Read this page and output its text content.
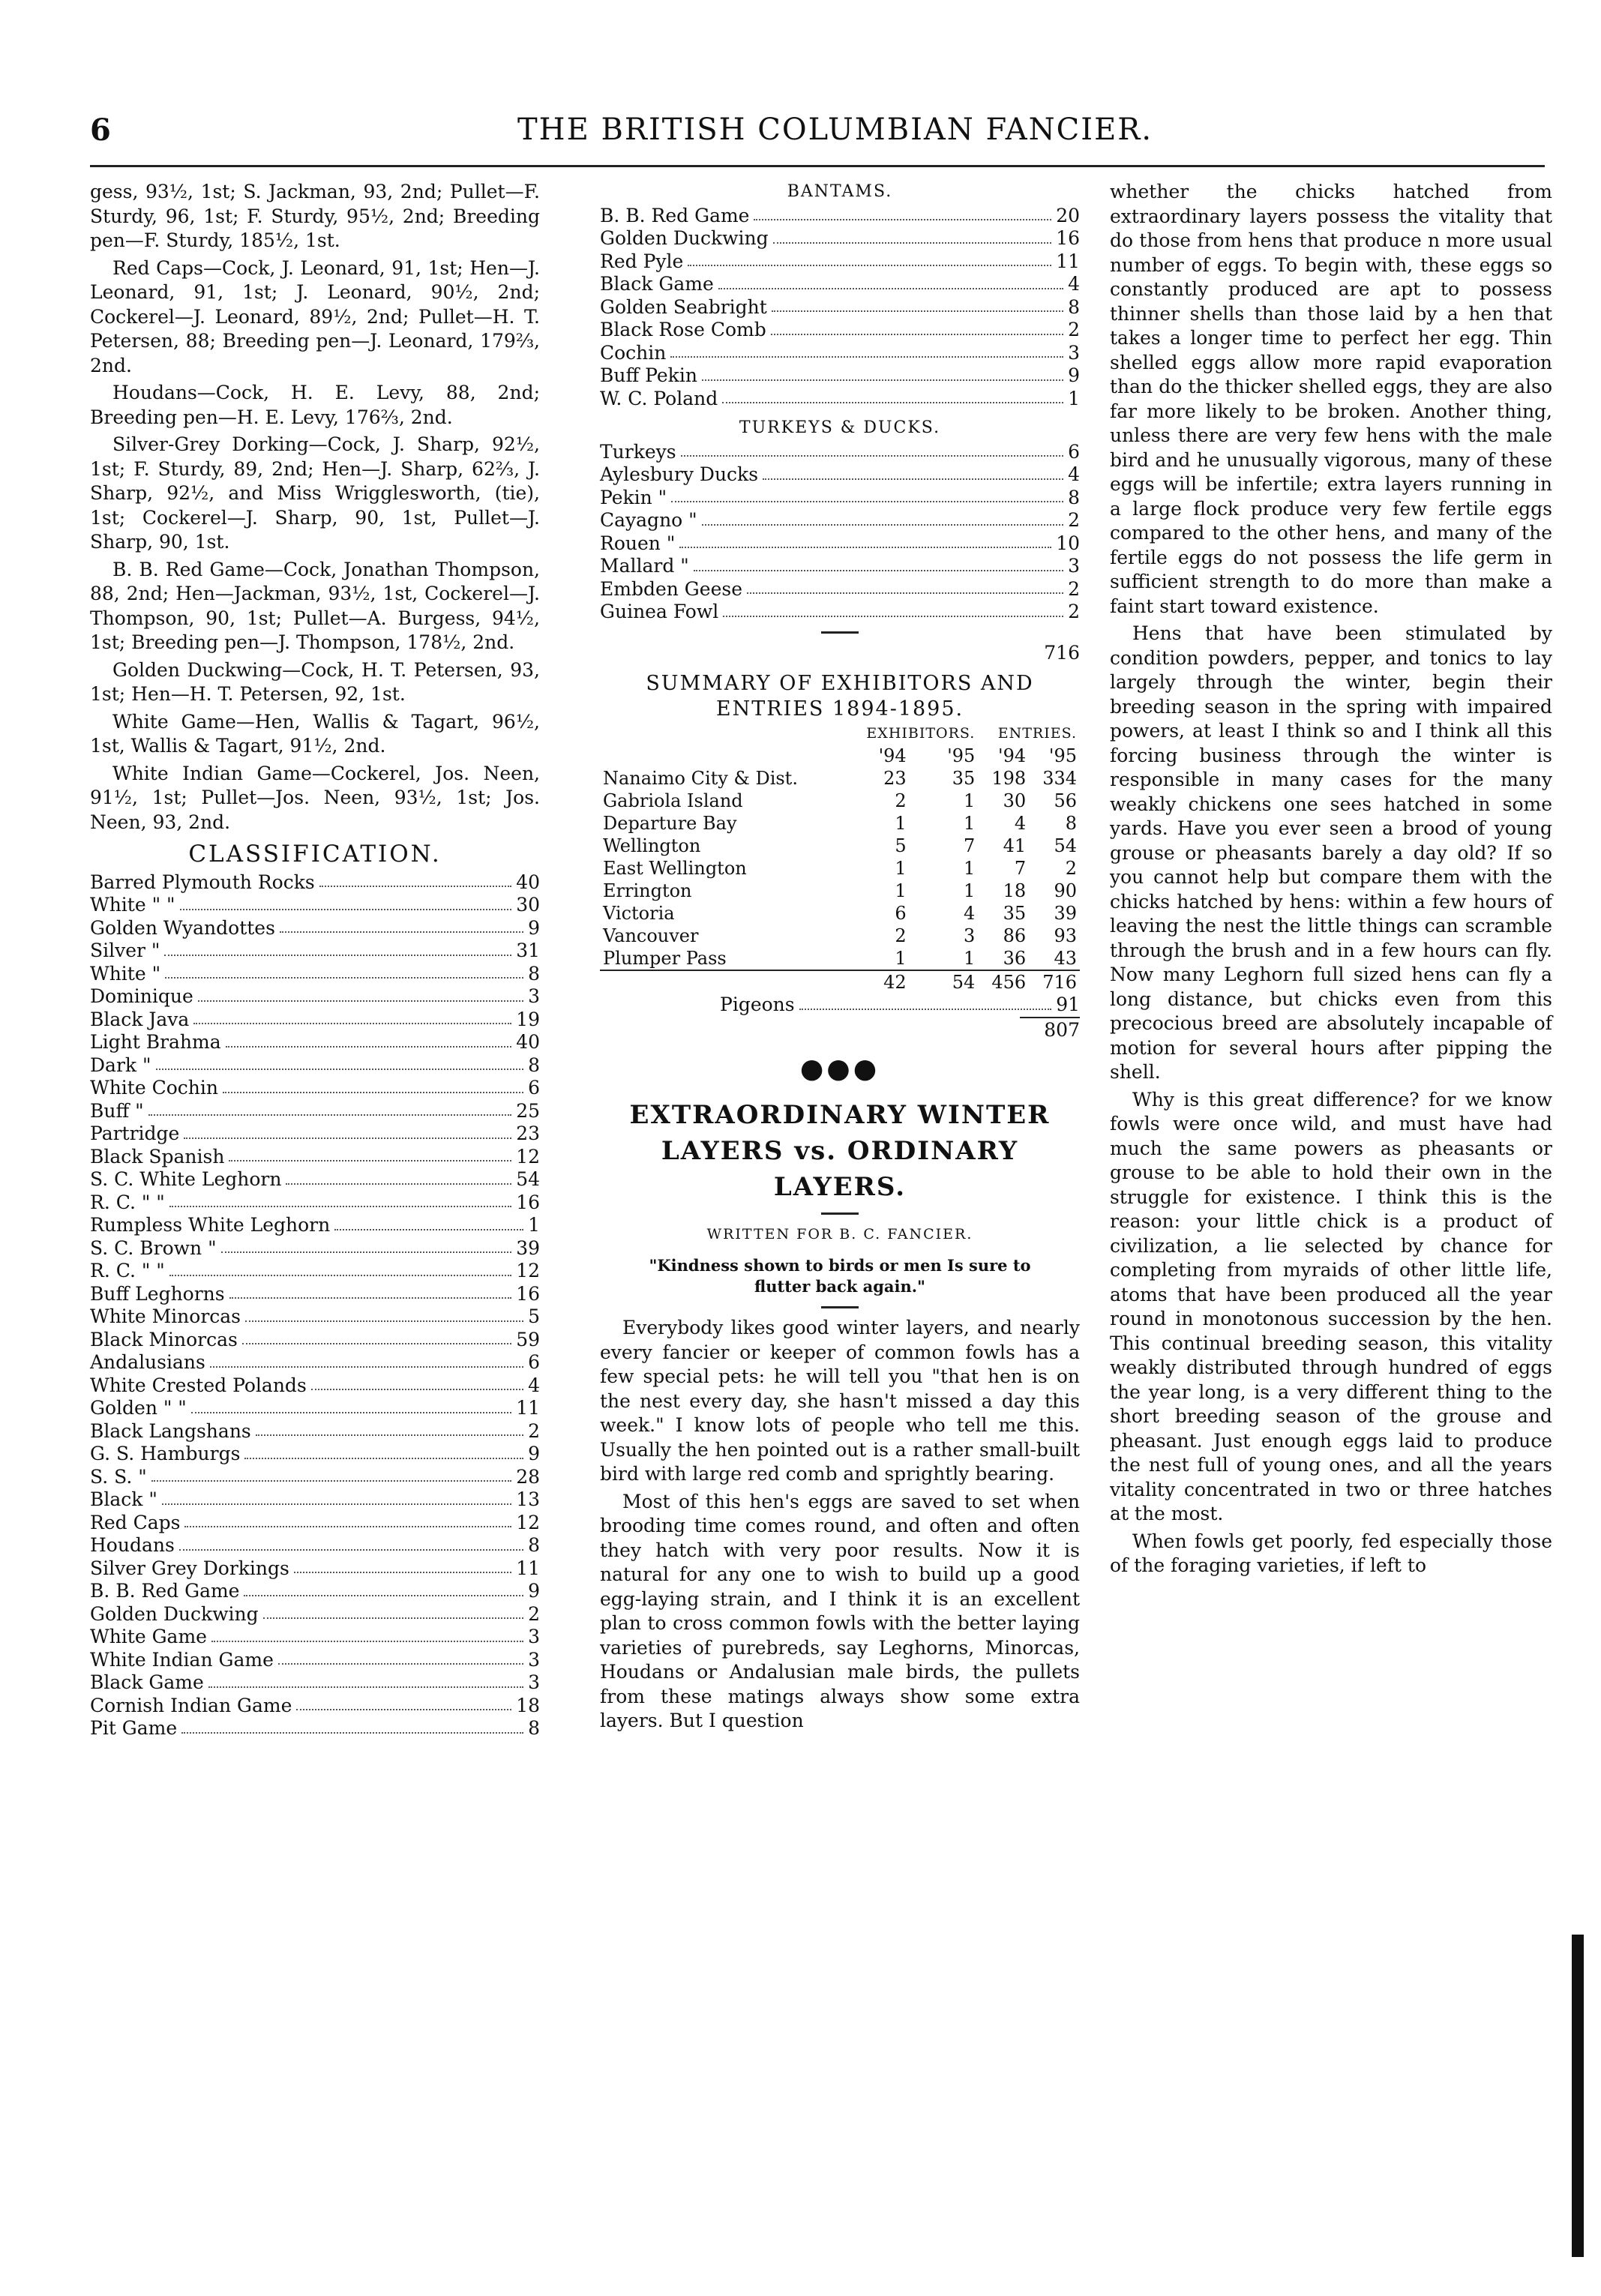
6	THE BRITISH COLUMBIAN FANCIER.

gess, 93½, 1st; S. Jackman, 93, 2nd; Pullet—F. Sturdy, 96, 1st; F. Sturdy, 95½, 2nd; Breeding pen—F. Sturdy, 185½, 1st.

Red Caps—Cock, J. Leonard, 91, 1st; Hen—J. Leonard, 91, 1st; J. Leonard, 90½, 2nd; Cockerel—J. Leonard, 89½, 2nd; Pullet—H. T. Petersen, 88; Breeding pen—J. Leonard, 179⅔, 2nd.

Houdans—Cock, H. E. Levy, 88, 2nd; Breeding pen—H. E. Levy, 176⅔, 2nd.

Silver-Grey Dorking—Cock, J. Sharp, 92½, 1st; F. Sturdy, 89, 2nd; Hen—J. Sharp, 62⅔, J. Sharp, 92½, and Miss Wrigglesworth, (tie), 1st; Cockerel—J. Sharp, 90, 1st, Pullet—J. Sharp, 90, 1st.

B. B. Red Game—Cock, Jonathan Thompson, 88, 2nd; Hen—Jackman, 93½, 1st, Cockerel—J. Thompson, 90, 1st; Pullet—A. Burgess, 94½, 1st; Breeding pen—J. Thompson, 178½, 2nd.

Golden Duckwing—Cock, H. T. Petersen, 93, 1st; Hen—H. T. Petersen, 92, 1st.

White Game—Hen, Wallis & Tagart, 96½, 1st, Wallis & Tagart, 91½, 2nd.

White Indian Game—Cockerel, Jos. Neen, 91½, 1st; Pullet—Jos. Neen, 93½, 1st; Jos. Neen, 93, 2nd.

CLASSIFICATION.
Barred Plymouth Rocks	40
White " "	30
Golden Wyandottes	9
Silver "	31
White "	8
Dominique	3
Black Java	19
Light Brahma	40
Dark "	8
White Cochin	6
Buff "	25
Partridge	23
Black Spanish	12
S. C. White Leghorn	54
R. C. " "	16
Rumpless White Leghorn	1
S. C. Brown "	39
R. C. " "	12
Buff Leghorns	16
White Minorcas	5
Black Minorcas	59
Andalusians	6
White Crested Polands	4
Golden " "	11
Black Langshans	2
G. S. Hamburgs	9
S. S. "	28
Black "	13
Red Caps	12
Houdans	8
Silver Grey Dorkings	11
B. B. Red Game	9
Golden Duckwing	2
White Game	3
White Indian Game	3
Black Game	3
Cornish Indian Game	18
Pit Game	8
BANTAMS.
B. B. Red Game	20
Golden Duckwing	16
Red Pyle	11
Black Game	4
Golden Seabright	8
Black Rose Comb	2
Cochin	3
Buff Pekin	9
W. C. Poland	1
TURKEYS & DUCKS.
Turkeys	6
Aylesbury Ducks	4
Pekin "	8
Cayagno "	2
Rouen "	10
Mallard "	3
Embden Geese	2
Guinea Fowl	2
716
SUMMARY OF EXHIBITORS AND ENTRIES 1894-1895.
	EXHIBITORS.		ENTRIES.	
	'94	'95	'94	'95
Nanaimo City & Dist.	23	35	198	334
Gabriola Island	2	1	30	56
Departure Bay	1	1	4	8
Wellington	5	7	41	54
East Wellington	1	1	7	2
Errington	1	1	18	90
Victoria	6	4	35	39
Vancouver	2	3	86	93
Plumper Pass	1	1	36	43
	42	54	456	716
Pigeons	91
807
●●●
EXTRAORDINARY WINTER LAYERS vs. ORDINARY LAYERS.
WRITTEN FOR B. C. FANCIER.
"Kindness shown to birds or men Is sure to flutter back again."

Everybody likes good winter layers, and nearly every fancier or keeper of common fowls has a few special pets: he will tell you "that hen is on the nest every day, she hasn't missed a day this week." I know lots of people who tell me this. Usually the hen pointed out is a rather small-built bird with large red comb and sprightly bearing.

Most of this hen's eggs are saved to set when brooding time comes round, and often and often they hatch with very poor results. Now it is natural for any one to wish to build up a good egg-laying strain, and I think it is an excellent plan to cross common fowls with the better laying varieties of purebreds, say Leghorns, Minorcas, Houdans or Andalusian male birds, the pullets from these matings always show some extra layers. But I question

whether the chicks hatched from extraordinary layers possess the vitality that do those from hens that produce n more usual number of eggs. To begin with, these eggs so constantly produced are apt to possess thinner shells than those laid by a hen that takes a longer time to perfect her egg. Thin shelled eggs allow more rapid evaporation than do the thicker shelled eggs, they are also far more likely to be broken. Another thing, unless there are very few hens with the male bird and he unusually vigorous, many of these eggs will be infertile; extra layers running in a large flock produce very few fertile eggs compared to the other hens, and many of the fertile eggs do not possess the life germ in sufficient strength to do more than make a faint start toward existence.

Hens that have been stimulated by condition powders, pepper, and tonics to lay largely through the winter, begin their breeding season in the spring with impaired powers, at least I think so and I think all this forcing business through the winter is responsible in many cases for the many weakly chickens one sees hatched in some yards. Have you ever seen a brood of young grouse or pheasants barely a day old? If so you cannot help but compare them with the chicks hatched by hens: within a few hours of leaving the nest the little things can scramble through the brush and in a few hours can fly. Now many Leghorn full sized hens can fly a long distance, but chicks even from this precocious breed are absolutely incapable of motion for several hours after pipping the shell.

Why is this great difference? for we know fowls were once wild, and must have had much the same powers as pheasants or grouse to be able to hold their own in the struggle for existence. I think this is the reason: your little chick is a product of civilization, a lie selected by chance for completing from myraids of other little life, atoms that have been produced all the year round in monotonous succession by the hen. This continual breeding season, this vitality weakly distributed through hundred of eggs the year long, is a very different thing to the short breeding season of the grouse and pheasant. Just enough eggs laid to produce the nest full of young ones, and all the years vitality concentrated in two or three hatches at the most.

When fowls get poorly, fed especially those of the foraging varieties, if left to
